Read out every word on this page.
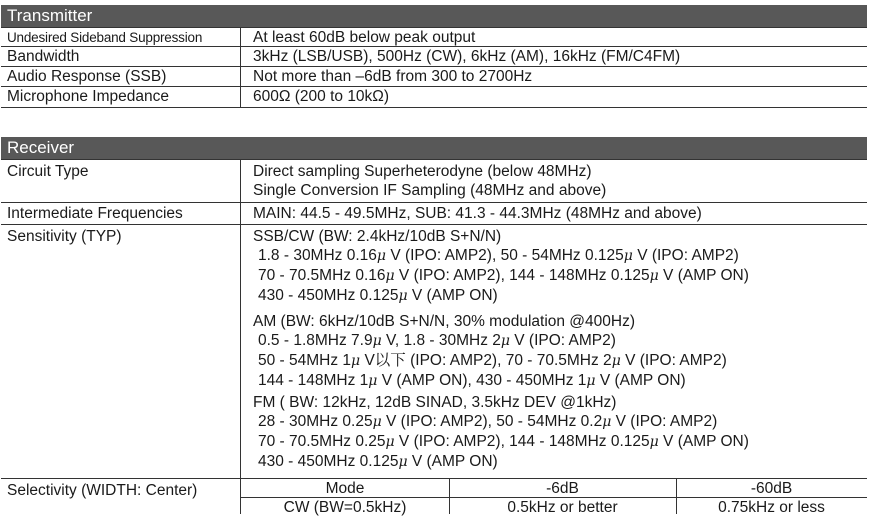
Transmitter
Undesired Sideband Suppression	At least 60dB below peak output
Bandwidth	3kHz (LSB/USB), 500Hz (CW), 6kHz (AM), 16kHz (FM/C4FM)
Audio Response (SSB)	Not more than –6dB from 300 to 2700Hz
Microphone Impedance	600Ω (200 to 10kΩ)
Receiver
Circuit Type	Direct sampling Superheterodyne (below 48MHz)
Single Conversion IF Sampling (48MHz and above)
Intermediate Frequencies	MAIN: 44.5 - 49.5MHz, SUB: 41.3 - 44.3MHz (48MHz and above)
Sensitivity (TYP)	SSB/CW (BW: 2.4kHz/10dB S+N/N)
1.8 - 30MHz 0.16μ V (IPO: AMP2), 50 - 54MHz 0.125μ V (IPO: AMP2)
70 - 70.5MHz 0.16μ V (IPO: AMP2), 144 - 148MHz 0.125μ V (AMP ON)
430 - 450MHz 0.125μ V (AMP ON)
AM (BW: 6kHz/10dB S+N/N, 30% modulation @400Hz)
0.5 - 1.8MHz 7.9μ V, 1.8 - 30MHz 2μ V (IPO: AMP2)
50 - 54MHz 1μ V以下 (IPO: AMP2), 70 - 70.5MHz 2μ V (IPO: AMP2)
144 - 148MHz 1μ V (AMP ON), 430 - 450MHz 1μ V (AMP ON)
FM ( BW: 12kHz, 12dB SINAD, 3.5kHz DEV @1kHz)
28 - 30MHz 0.25μ V (IPO: AMP2), 50 - 54MHz 0.2μ V (IPO: AMP2)
70 - 70.5MHz 0.25μ V (IPO: AMP2), 144 - 148MHz 0.125μ V (AMP ON)
430 - 450MHz 0.125μ V (AMP ON)
Selectivity (WIDTH: Center)	Mode	-6dB	-60dB
CW (BW=0.5kHz)	0.5kHz or better	0.75kHz or less
